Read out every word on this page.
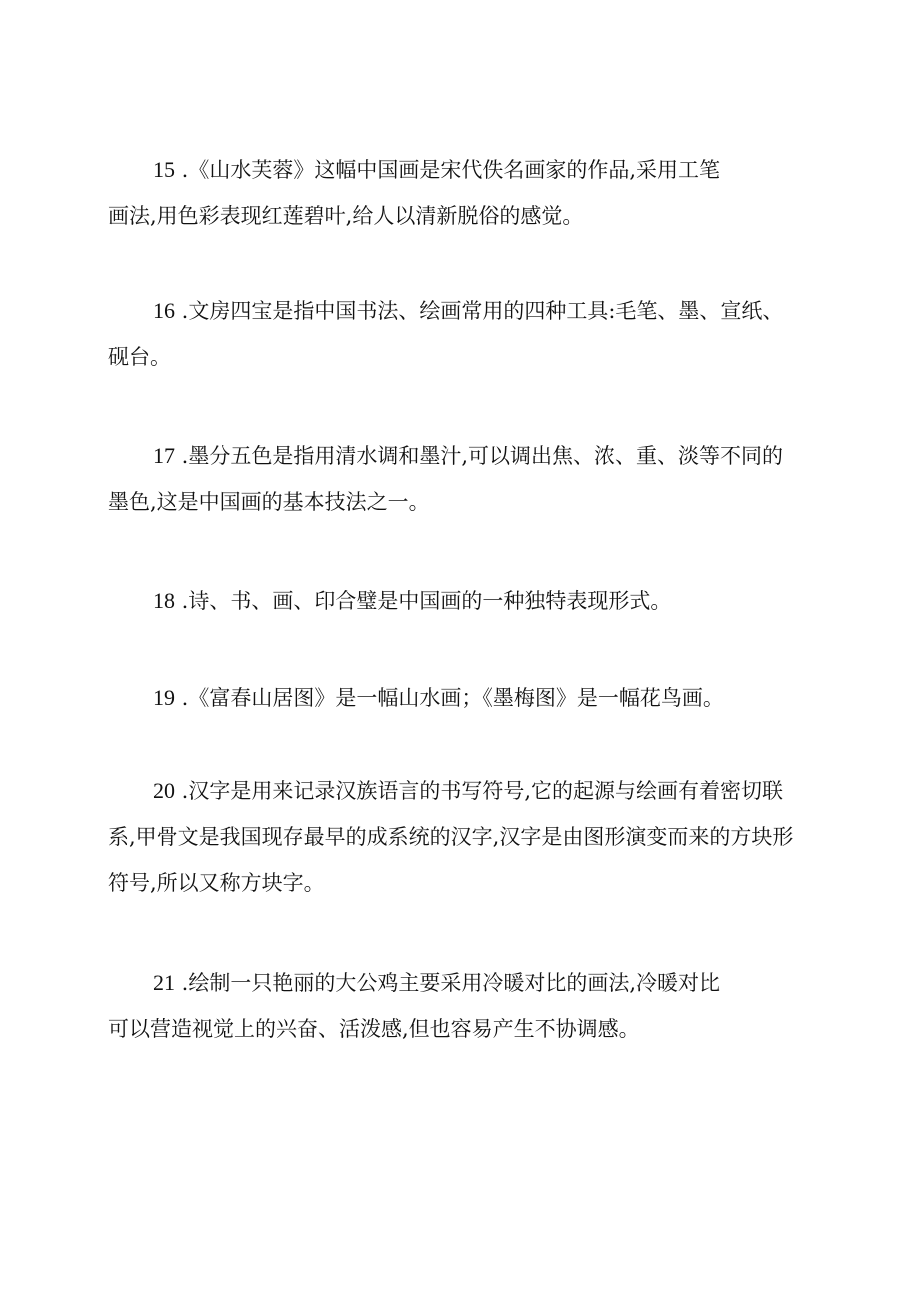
15 .《山水芙蓉》这幅中国画是宋代佚名画家的作品,采用工笔
画法,用色彩表现红莲碧叶,给人以清新脱俗的感觉。
16 .文房四宝是指中国书法、绘画常用的四种工具:毛笔、墨、宣纸、
砚台。
17 .墨分五色是指用清水调和墨汁,可以调出焦、浓、重、淡等不同的
墨色,这是中国画的基本技法之一。
18 .诗、书、画、印合璧是中国画的一种独特表现形式。
19 .《富春山居图》是一幅山水画；《墨梅图》是一幅花鸟画。
20 .汉字是用来记录汉族语言的书写符号,它的起源与绘画有着密切联
系,甲骨文是我国现存最早的成系统的汉字,汉字是由图形演变而来的方块形
符号,所以又称方块字。
21 .绘制一只艳丽的大公鸡主要采用冷暖对比的画法,冷暖对比
可以营造视觉上的兴奋、活泼感,但也容易产生不协调感。
